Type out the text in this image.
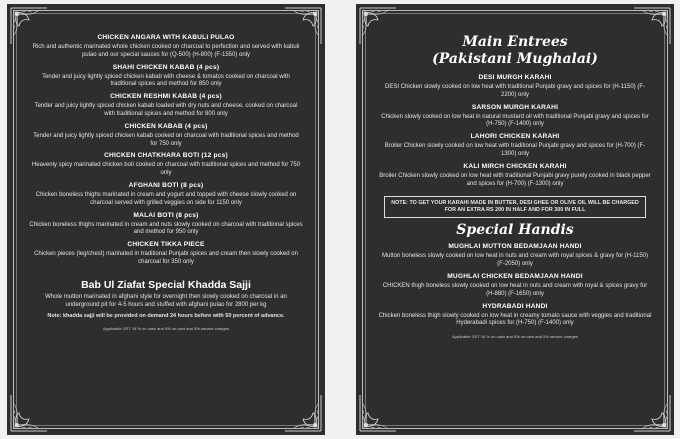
CHICKEN ANGARA WITH KABULI PULAO
Rich and authentic marinated whole chicken cooked on charcoal to perfection and served with kabuli pulao and our special sauces for (Q-500) (H-800) (F-1550) only
SHAHI CHICKEN KABAB (4 pcs)
Tender and juicy lightly spiced chicken kabab with cheese & tomatos cooked on charcoal with traditional spices and method for 850 only
CHICKEN RESHMI KABAB (4 pcs)
Tender and juicy lightly spiced chicken kabab loaded with dry nuts and cheese, cooked on charcoal with traditional spices and method for 800 only
CHICKEN KABAB (4 pcs)
Tender and juicy lightly spiced chicken kabab cooked on charcoal with traditional spices and method for 750 only
CHICKEN CHATKHARA BOTI (12 pcs)
Heavenly spicy marinated chicken boti cooked on charcoal with traditional spices and method for 750 only
AFGHANI BOTI (8 pcs)
Chicken boneless thighs marinated in cream and yogurt and topped with cheese slowly cooked on charcoal served with grilled veggies on side for 1150 only
MALAI BOTI (8 pcs)
Chicken boneless thighs marinated in cream and nuts slowly cooked on charcoal with traditional spices and method for 950 only
CHICKEN TIKKA PIECE
Chicken pieces (leg/chest) marinated in traditional Punjabi spices and cream then slowly cooked on charcoal for 350 only
Bab Ul Ziafat Special Khadda Sajji
Whole mutton marinated in afghani style for overnight then slowly cooked on charcoal in an underground pit for 4-5 hours and stuffed with afghani pulao for 2800 per kg
Note: khadda sajji will be provided on demand 24 hours before with 50 percent of advance.
Applicable GST 16 % on cash and 5% on card and 5% service charges
Main Entrees
(Pakistani Mughalai)
DESI MURGH KARAHI
DESI Chicken slowly cooked on low heat with traditional Punjabi gravy and spices for (H-1150) (F-2200) only
SARSON MURGH KARAHI
Chicken slowly cooked on low heat in natural mustard oil with traditional Punjabi gravy and spices for (H-750) (F-1400) only
LAHORI CHICKEN KARAHI
Broiler Chicken slowly cooked on low heat with traditional Punjabi gravy and spices for (H-700) (F-1300) only
KALI MIRCH CHICKEN KARAHI
Broiler Chicken slowly cooked on low heat with traditional Punjabi gravy purely cooked in black pepper and spices for (H-700) (F-1300) only
NOTE: TO GET YOUR KARAHI MADE IN BUTTER, DESI GHEE OR OLIVE OIL WILL BE CHARGED FOR AN EXTRA RS 200 IN HALF AND FOR 300 IN FULL
Special Handis
MUGHLAI MUTTON BEDAMJAAN HANDI
Mutton boneless slowly cooked on low heat in nuts and cream with royal spices & gravy for (H-1150) (F-2050) only
MUGHLAI CHICKEN BEDAMJAAN HANDI
CHICKEN thigh boneless slowly cooked on low heat in nuts and cream with royal & spices gravy for (H-880) (F-1650) only
HYDRABADI HANDI
Chicken boneless thigh slowly cooked on low heat in creamy tomato sauce with veggies and traditional Hyderabadi spices for (H-750) (F-1400) only
Applicable GST 16 % on cash and 5% on card and 5% service charges
